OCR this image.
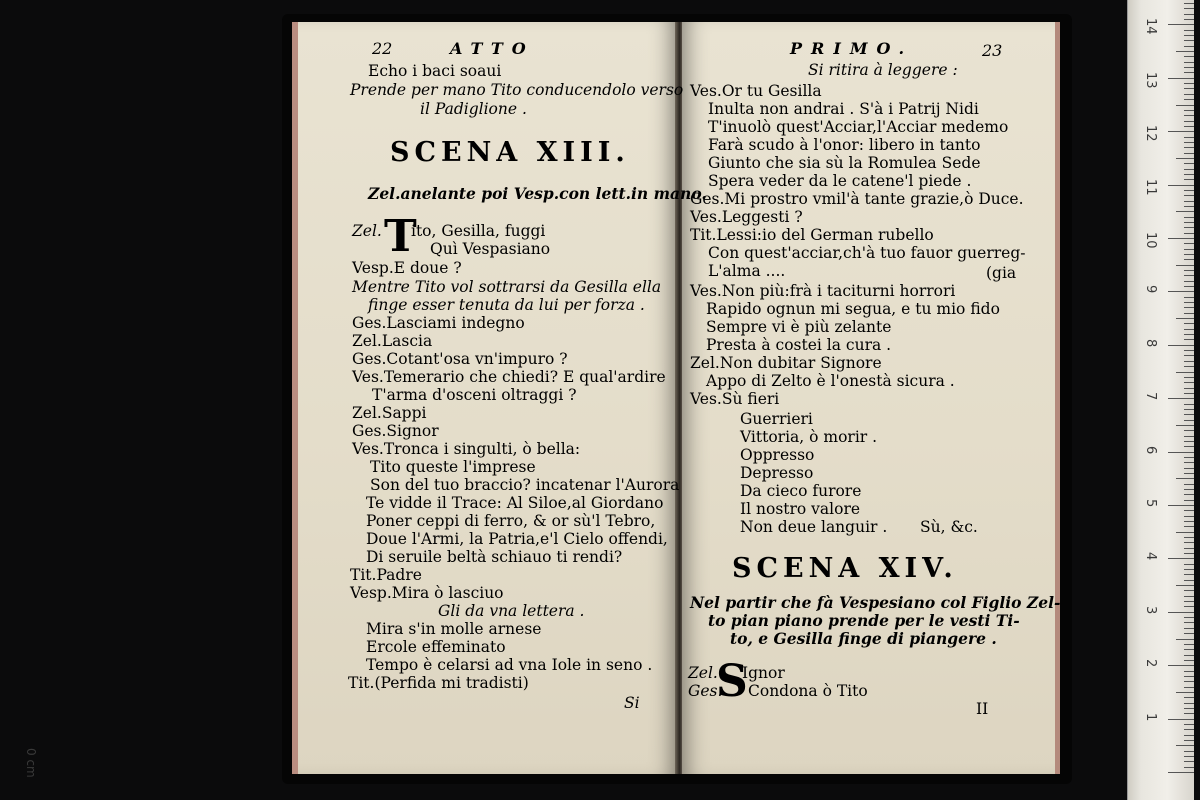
22	ATTO
Echo i baci soaui
Prende per mano Tito conducendolo verso
il Padiglione .
SCENA XIII.
Zel.anelante poi Vesp.con lett.in mano.
Zel. T
ito, Gesilla, fuggi
Quì Vespasiano
Vesp.E doue ?
Mentre Tito vol sottrarsi da Gesilla ella
finge esser tenuta da lui per forza .
Ges.Lasciami indegno
Zel.Lascia
Ges.Cotant'osa vn'impuro ?
Ves.Temerario che chiedi? E qual'ardire
T'arma d'osceni oltraggi ?
Zel.Sappi
Ges.Signor
Ves.Tronca i singulti, ò bella:
Tito queste l'imprese
Son del tuo braccio? incatenar l'Aurora
Te vidde il Trace: Al Siloe,al Giordano
Poner ceppi di ferro, & or sù'l Tebro,
Doue l'Armi, la Patria,e'l Cielo offendi,
Di seruile beltà schiauo ti rendi?
Tit.Padre
Vesp.Mira ò lasciuo
Gli da vna lettera .
Mira s'in molle arnese
Ercole effeminato
Tempo è celarsi ad vna Iole in seno .
Tit.(Perfida mi tradisti)
Si
PRIMO.	23
Si ritira à leggere :
Ves.Or tu Gesilla
Inulta non andrai . S'à i Patrij Nidi
T'inuolò quest'Acciar,l'Acciar medemo
Farà scudo à l'onor: libero in tanto
Giunto che sia sù la Romulea Sede
Spera veder da le catene'l piede .
Ges.Mi prostro vmil'à tante grazie,ò Duce.
Ves.Leggesti ?
Tit.Lessi:io del German rubello
Con quest'acciar,ch'à tuo fauor guerreg-
L'alma ....	(gia
Ves.Non più:frà i taciturni horrori
Rapido ognun mi segua, e tu mio fido
Sempre vi è più zelante
Presta à costei la cura .
Zel.Non dubitar Signore
Appo di Zelto è l'onestà sicura .
Ves.Sù fieri
Guerrieri
Vittoria, ò morir .
Oppresso
Depresso
Da cieco furore
Il nostro valore
Non deue languir . Sù, &c.
SCENA XIV.
Nel partir che fà Vespesiano col Figlio Zel-
to pian piano prende per le vesti Ti-
to, e Gesilla finge di piangere .
Zel.
Ges.
S
Ignor
Condona ò Tito
II	1
2
3
4
5
6
7
8
9
10
11
12
13
14
0 cm
